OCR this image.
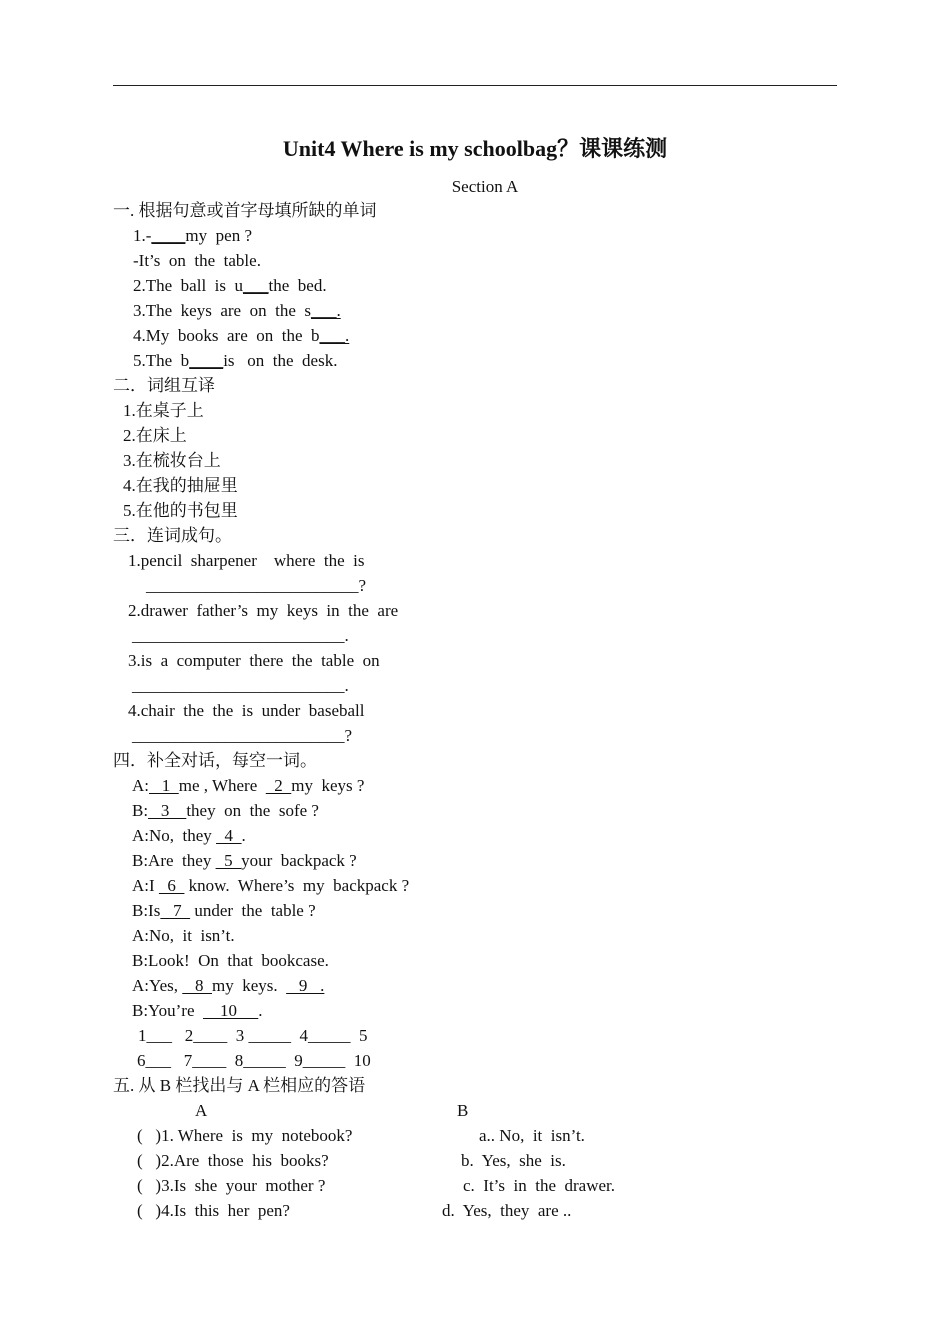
Unit4 Where is my schoolbag？课课练测
Section A
一. 根据句意或首字母填所缺的单词
1.-____my  pen ?
-It’s  on  the  table.
2.The  ball  is  u___the  bed.
3.The  keys  are  on  the  s___.
4.My  books  are  on  the  b___.
5.The  b____is   on  the  desk.
二．词组互译
1.在桌子上
2.在床上
3.在梳妆台上
4.在我的抽屉里
5.在他的书包里
三．连词成句。
1.pencil  sharpener    where  the  is
_________________________?
2.drawer  father’s  my  keys  in  the  are
_________________________.
3.is  a  computer  there  the  table  on
_________________________.
4.chair  the  the  is  under  baseball
_________________________?
四．补全对话，每空一词。
A:   1  me , Where    2  my  keys ?
B:   3    they  on  the  sofe ?
A:No,  they   4  .
B:Are  they   5  your  backpack ?
A:I   6   know.  Where’s  my  backpack ?
B:Is   7   under  the  table ?
A:No,  it  isn’t.
B:Look!  On  that  bookcase.
A:Yes,    8  my  keys.     9   .
B:You’re      10     .
1___   2____  3 _____  4_____  5
6___   7____  8_____  9_____  10
五. 从 B 栏找出与 A 栏相应的答语
A	B
(   )1. Where  is  my  notebook?	a.. No,  it  isn’t.
(   )2.Are  those  his  books?	b.  Yes,  she  is.
(   )3.Is  she  your  mother ?	c.  It’s  in  the  drawer.
(   )4.Is  this  her  pen?	d.  Yes,  they  are ..
